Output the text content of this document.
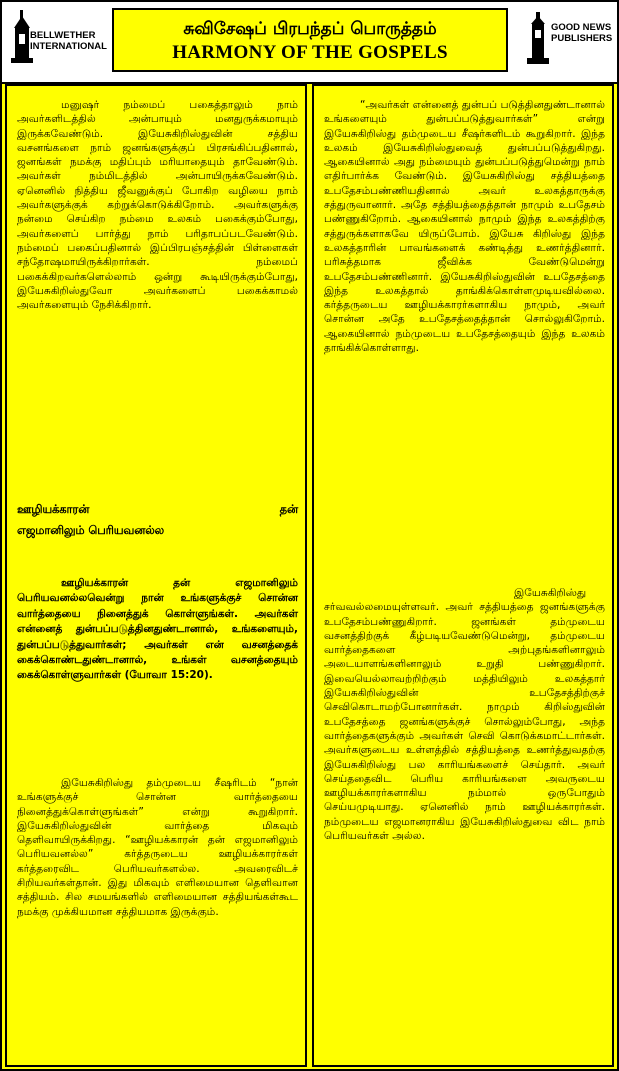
BELLWETHER
INTERNATIONAL
சுவிசேஷப் பிரபந்தப் பொருத்தம்
HARMONY OF THE GOSPELS
GOOD NEWS PUBLISHERS

மனுஷர் நம்மைப் பகைத்தாலும் நாம் அவர்களிடத்தில் அன்பாயும் மனதுருக்கமாயும் இருக்கவேண்டும். இயேசுகிறிஸ்துவின் சத்திய வசனங்களை நாம் ஜனங்களுக்குப் பிரசங்கிப்பதினால், ஜனங்கள் நமக்கு மதிப்பும் மரியாதையும் தாவேண்டும். அவர்கள் நம்மிடத்தில் அன்பாயிருக்கவேண்டும். ஏனெனில் நித்திய ஜீவனுக்குப் போகிற வழியை நாம் அவர்களுக்குக் கற்றுக்கொடுக்கிறோம். அவர்களுக்கு நன்மை செய்கிற நம்மை உலகம் பகைக்கும்போது, அவர்களைப் பார்த்து நாம் பரிதாபப்படவேண்டும். நம்மைப் பகைப்பதினால் இப்பிரபஞ்சத்தின் பிள்ளைகள் சந்தோஷமாயிருக்கிறார்கள். நம்மைப் பகைக்கிறவர்களெல்லாம் ஒன்று கூடியிருக்கும்போது, இயேசுகிறிஸ்துவோ அவர்களைப் பகைக்காமல் அவர்களையும் நேசிக்கிறார்.

ஊழியக்காரன்	தன்
எஜமானிலும் பெரியவனல்ல

ஊழியக்காரன் தன் எஜமானிலும் பெரியவனல்லவென்று நான் உங்களுக்குச் சொன்ன வார்த்தையை நினைத்துக் கொள்ளுங்கள். அவர்கள் என்னைத் துன்பப்படுத்தினதுண்டானால், உங்களையும், துன்பப்படுத்துவார்கள்; அவர்கள் என் வசனத்தைக் கைக்கொண்டதுண்டானால், உங்கள் வசனத்தையும் கைக்கொள்ளுவார்கள் (யோவா 15:20).

இயேசுகிறிஸ்து தம்முடைய சீஷரிடம் “நான் உங்களுக்குச் சொன்ன வார்த்தையை நினைத்துக்கொள்ளுங்கள்” என்று கூறுகிறார். இயேசுகிறிஸ்துவின் வார்த்தை மிகவும் தெளிவாயிருக்கிறது. “ஊழியக்காரன் தன் எஜமானிலும் பெரியவனல்ல” கர்த்தருடைய ஊழியக்காரர்கள் கர்த்தரைவிட பெரியவர்களல்ல. அவரைவிடச் சிறியவர்கள்தான். இது மிகவும் எளிமையான தெளிவான சத்தியம். சில சமயங்களில் எளிமையான சத்தியங்கள்கூட நமக்கு முக்கியமான சத்தியமாக இருக்கும்.

“அவர்கள் என்னைத் துன்பப் படுத்தினதுண்டானால் உங்களையும் துன்பப்படுத்துவார்கள்” என்று இயேசுகிறிஸ்து தம்முடைய சீஷர்களிடம் கூறுகிறார். இந்த உலகம் இயேசுகிறிஸ்துவைத் துன்பப்படுத்துகிறது. ஆகையினால் அது நம்மையும் துன்பப்படுத்துமென்று நாம் எதிர்பார்க்க வேண்டும். இயேசுகிறிஸ்து சத்தியத்தை உபதேசம்பண்ணியதினால் அவர் உலகத்தாருக்கு சத்துருவானார். அதே சத்தியத்தைத்தான் நாமும் உபதேசம் பண்ணுகிறோம். ஆகையினால் நாமும் இந்த உலகத்திற்கு சத்துருக்களாகவே யிருப்போம். இயேசு கிறிஸ்து இந்த உலகத்தாரின் பாவங்களைக் கண்டித்து உணர்த்தினார். பரிசுத்தமாக ஜீவிக்க வேண்டுமென்று உபதேசம்பண்ணினார். இயேசுகிறிஸ்துவின் உபதேசத்தை இந்த உலகத்தால் தாங்கிக்கொள்ளமுடியவில்லை. கர்த்தருடைய ஊழியக்காரர்களாகிய நாமும், அவர் சொன்ன அதே உபதேசத்தைத்தான் சொல்லுகிறோம். ஆகையினால் நம்முடைய உபதேசத்தையும் இந்த உலகம் தாங்கிக்கொள்ளாது.

இயேசுகிறிஸ்து சர்வவல்லமையுள்ளவர். அவர் சத்தியத்தை ஜனங்களுக்கு உபதேசம்பண்ணுகிறார். ஜனங்கள் தம்முடைய வசனத்திற்குக் கீழ்படியவேண்டுமென்று, தம்முடைய வார்த்தைகளை அற்புதங்களினாலும் அடையாளங்களினாலும் உறுதி பண்ணுகிறார். இவையெல்லாவற்றிற்கும் மத்தியிலும் உலகத்தார் இயேசுகிறிஸ்துவின் உபதேசத்திற்குச் செவிகொடாமற்போனார்கள். நாமும் கிறிஸ்துவின் உபதேசத்தை ஜனங்களுக்குச் சொல்லும்போது, அந்த வார்த்தைகளுக்கும் அவர்கள் செவி கொடுக்கமாட்டார்கள். அவர்களுடைய உள்ளத்தில் சத்தியத்தை உணர்த்துவதற்கு இயேசுகிறிஸ்து பல காரியங்களைச் செய்தார். அவர் செய்ததைவிட பெரிய காரியங்களை அவருடைய ஊழியக்காரர்களாகிய நம்மால் ஒருபோதும் செய்யமுடியாது. ஏனெனில் நாம் ஊழியக்காரர்கள். நம்முடைய எஜமானராகிய இயேசுகிறிஸ்துவை விட நாம் பெரியவர்கள் அல்ல.
